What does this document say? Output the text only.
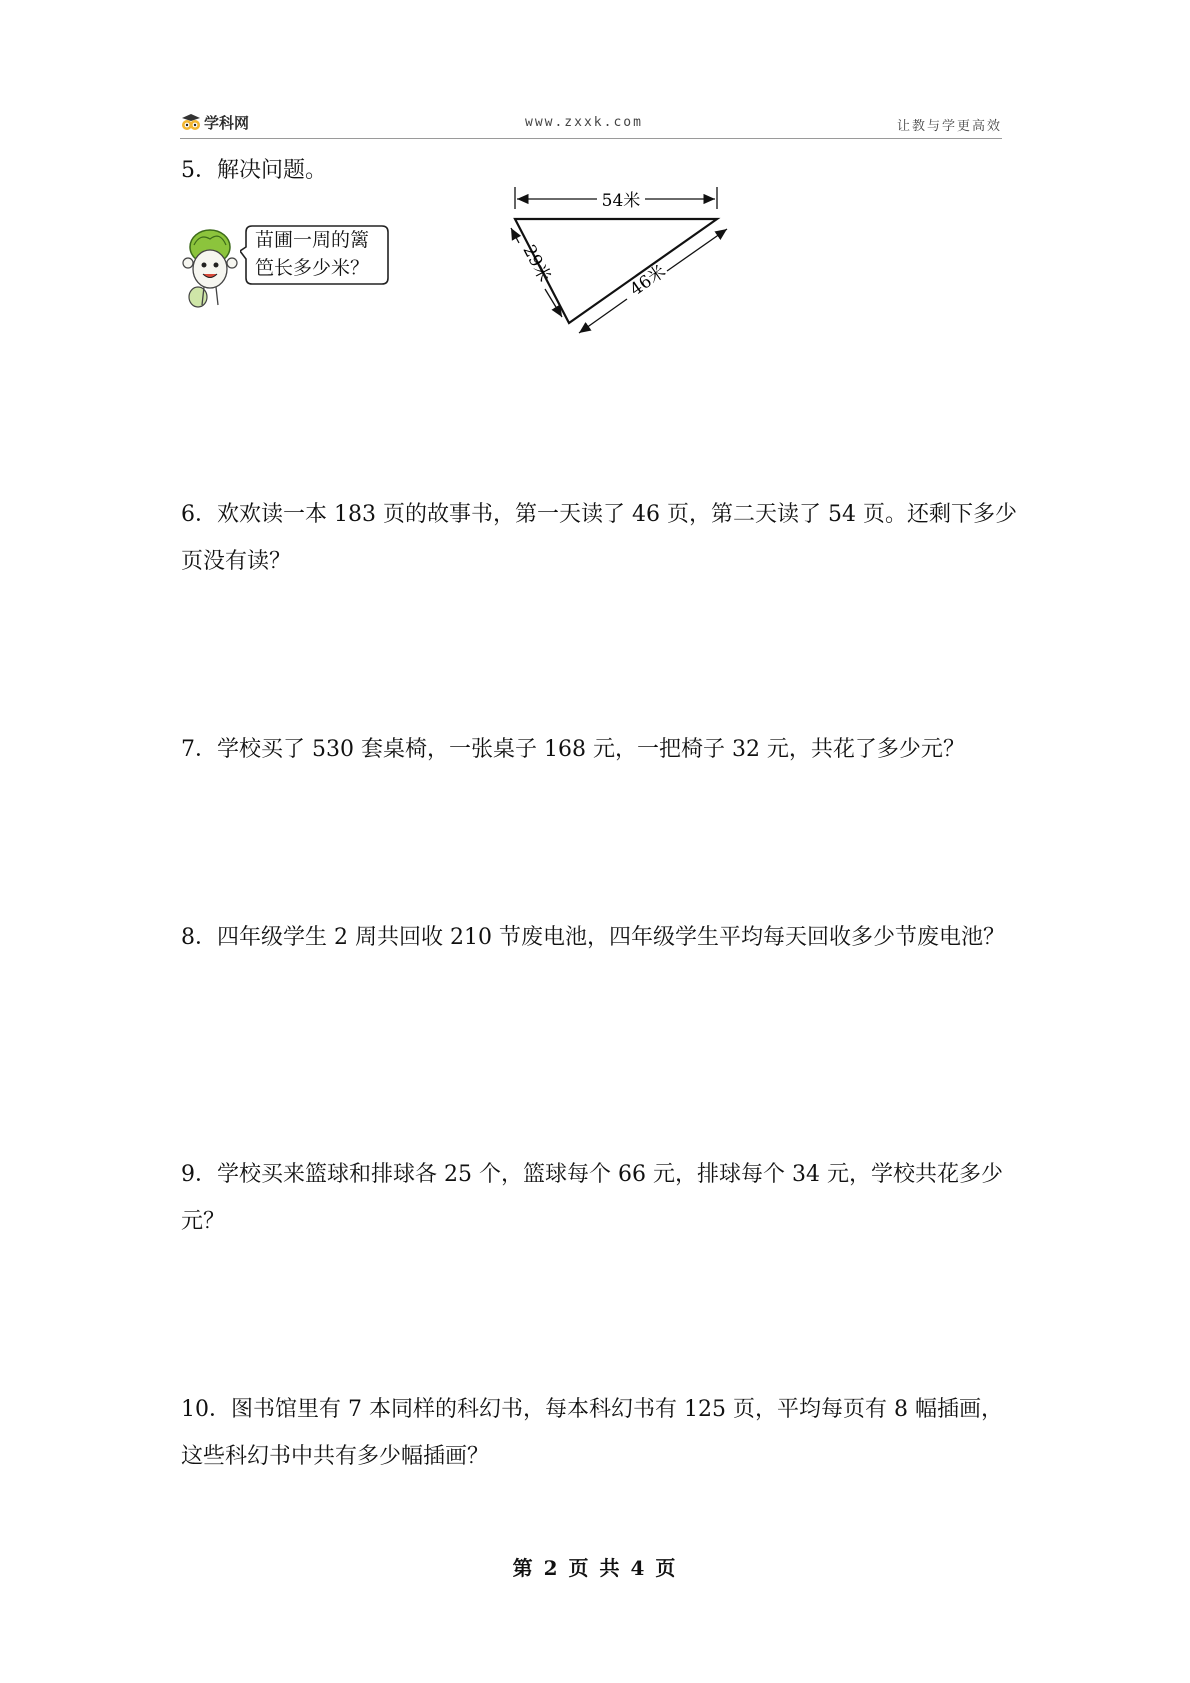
学科网	www.zxxk.com	让教与学更高效

5．解决问题。

苗圃一周的篱
笆长多少米？
54米
29米	46米

6．欢欢读一本 183 页的故事书，第一天读了 46 页，第二天读了 54 页。还剩下多少页没有读？

7．学校买了 530 套桌椅，一张桌子 168 元，一把椅子 32 元，共花了多少元？

8．四年级学生 2 周共回收 210 节废电池，四年级学生平均每天回收多少节废电池？

9．学校买来篮球和排球各 25 个，篮球每个 66 元，排球每个 34 元，学校共花多少元？

10．图书馆里有 7 本同样的科幻书，每本科幻书有 125 页，平均每页有 8 幅插画，这些科幻书中共有多少幅插画？

第 2 页 共 4 页
